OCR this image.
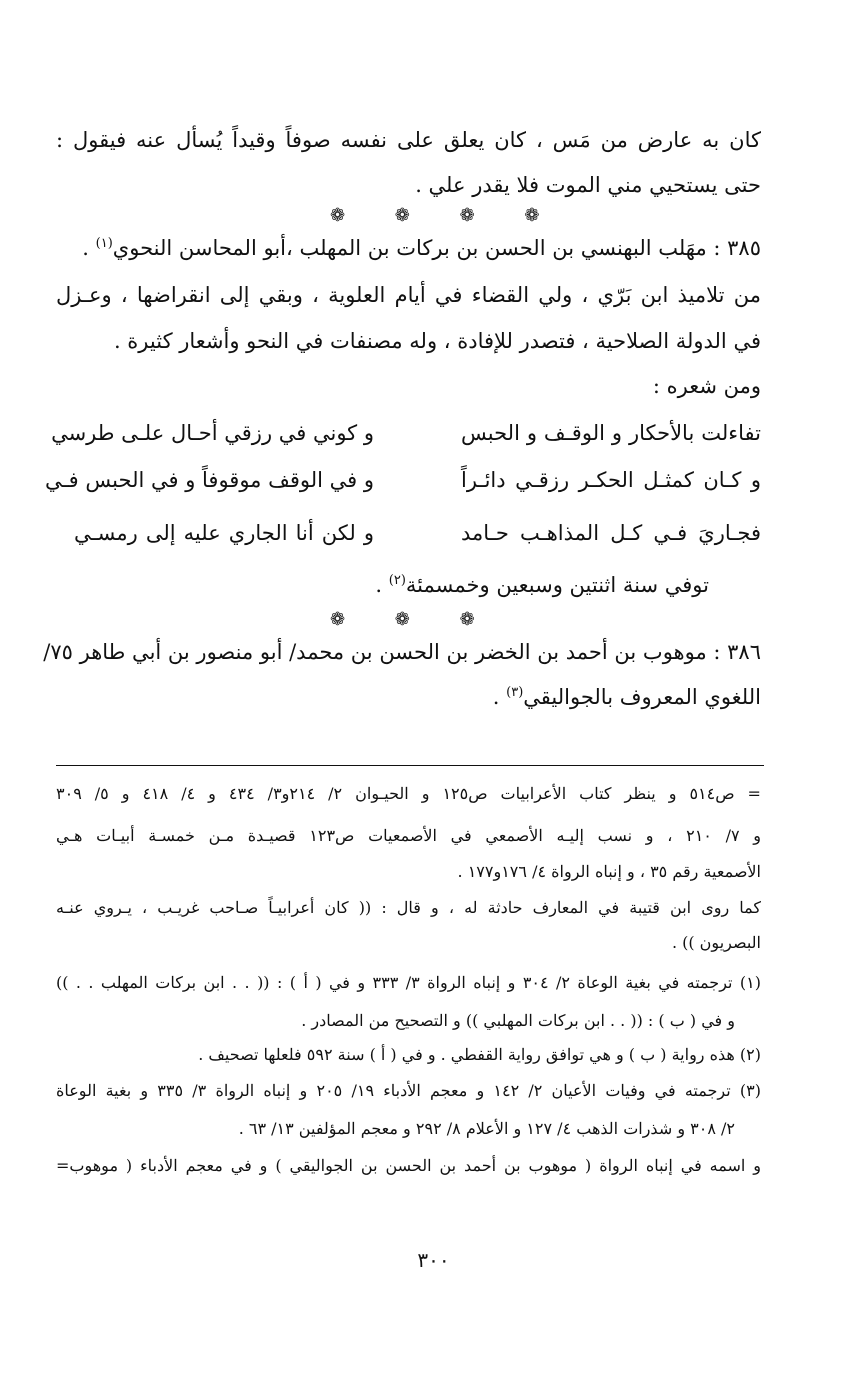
كان به عارض من مَس ، كان يعلق على نفسه صوفاً وقيداً يُسأل عنه فيقول :
حتى يستحيي مني الموت فلا يقدر علي .
❁ ❁ ❁ ❁
٣٨٥ : مهَلب البهنسي بن الحسن بن بركات بن المهلب ،أبو المحاسن النحوي$^{(١)}$ .
من تلاميذ ابن بَرّي ، ولي القضاء في أيام العلوية ، وبقي إلى انقراضها ، وعـزل
في الدولة الصلاحية ، فتصدر للإفادة ، وله مصنفات في النحو وأشعار كثيرة .
ومن شعره :
تفاءلت بالأحكار و الوقـف و الحبس
و كوني في رزقي أحـال علـى طرسي
و كـان كمثـل الحكـر رزقـي دائـراً
و في الوقف موقوفاً و في الحبس فـي
فجـاريَ فـي كـل المذاهـب حـامد
و لكن أنا الجاري عليه إلى رمسـي
توفي سنة اثنتين وسبعين وخمسمئة$^{(٢)}$ .
❁ ❁ ❁
٣٨٦ : موهوب بن أحمد بن الخضر بن الحسن بن محمد/ أبو منصور بن أبي طاهر ٧٥/
اللغوي المعروف بالجواليقي$^{(٣)}$ .
= ص٥١٤ و ينظر كتاب الأعرابيات ص١٢٥ و الحيـوان ٢/ ٢١٤و٣/ ٤٣٤ و ٤/ ٤١٨ و ٥/ ٣٠٩
و ٧/ ٢١٠ ، و نسب إليـه الأصمعي في الأصمعيات ص١٢٣ قصيـدة مـن خمسـة أبيـات هـي
الأصمعية رقم ٣٥ ، و إنباه الرواة ٤/ ١٧٦و١٧٧ .
كما روى ابن قتيبة في المعارف حادثة له ، و قال : (( كان أعرابيـاً صـاحب غريـب ، يـروي عنـه
البصريون )) .
(١) ترجمته في بغية الوعاة ٢/ ٣٠٤ و إنباه الرواة ٣/ ٣٣٣ و في ( أ ) : (( . . ابن بركات المهلب . . ))
و في ( ب ) : (( . . ابن بركات المهلبي )) و التصحيح من المصادر .
(٢) هذه رواية ( ب ) و هي توافق رواية القفطي . و في ( أ ) سنة ٥٩٢ فلعلها تصحيف .
(٣) ترجمته في وفيات الأعيان ٢/ ١٤٢ و معجم الأدباء ١٩/ ٢٠٥ و إنباه الرواة ٣/ ٣٣٥ و بغية الوعاة
٢/ ٣٠٨ و شذرات الذهب ٤/ ١٢٧ و الأعلام ٨/ ٢٩٢ و معجم المؤلفين ١٣/ ٦٣ .
و اسمه في إنباه الرواة ( موهوب بن أحمد بن الحسن بن الجواليقي ) و في معجم الأدباء ( موهوب=
٣٠٠
